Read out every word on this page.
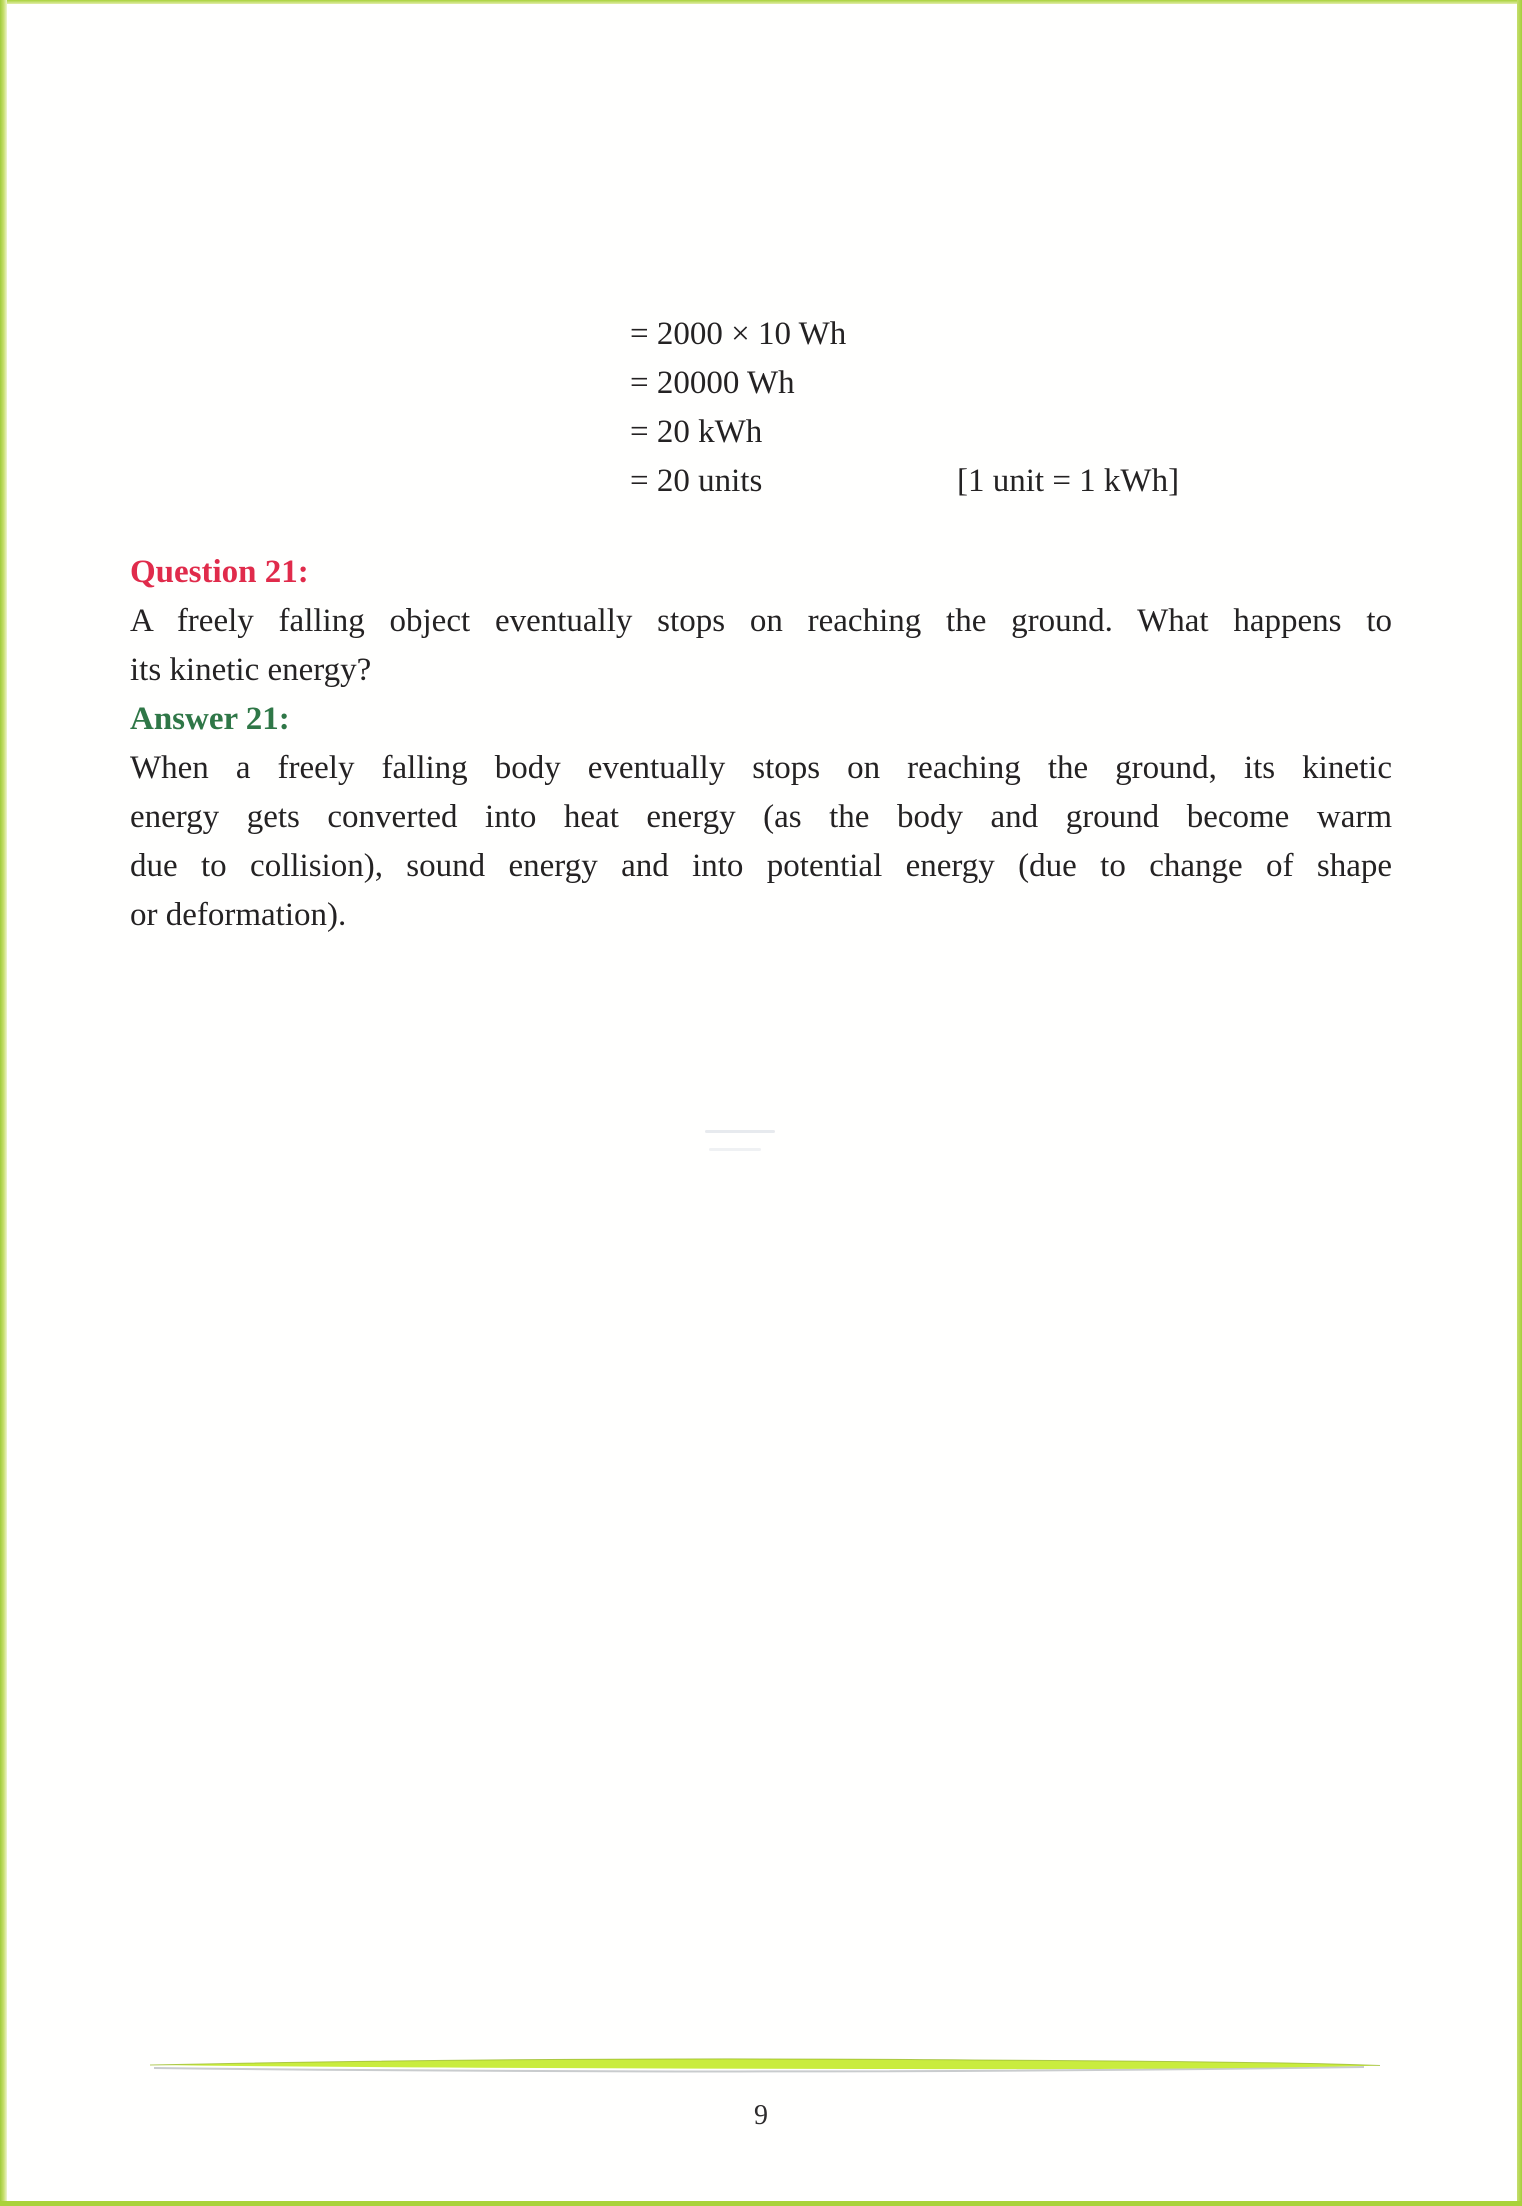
= 2000 × 10 Wh
= 20000 Wh
= 20 kWh
= 20 units	[1 unit = 1 kWh]
Question 21:
A freely falling object eventually stops on reaching the ground. What happens to
its kinetic energy?
Answer 21:
When a freely falling body eventually stops on reaching the ground, its kinetic
energy gets converted into heat energy (as the body and ground become warm
due to collision), sound energy and into potential energy (due to change of shape
or deformation).
9
